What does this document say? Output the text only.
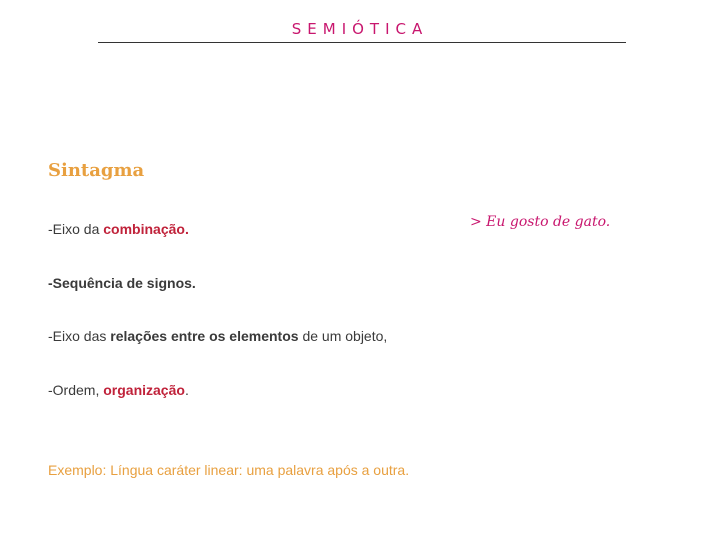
SEMIÓTICA
Sintagma
-Eixo da combinação.
-Sequência de signos.
-Eixo das relações entre os elementos de um objeto,
-Ordem, organização.
Exemplo: Língua caráter linear: uma palavra após a outra.
> Eu gosto de gato.
